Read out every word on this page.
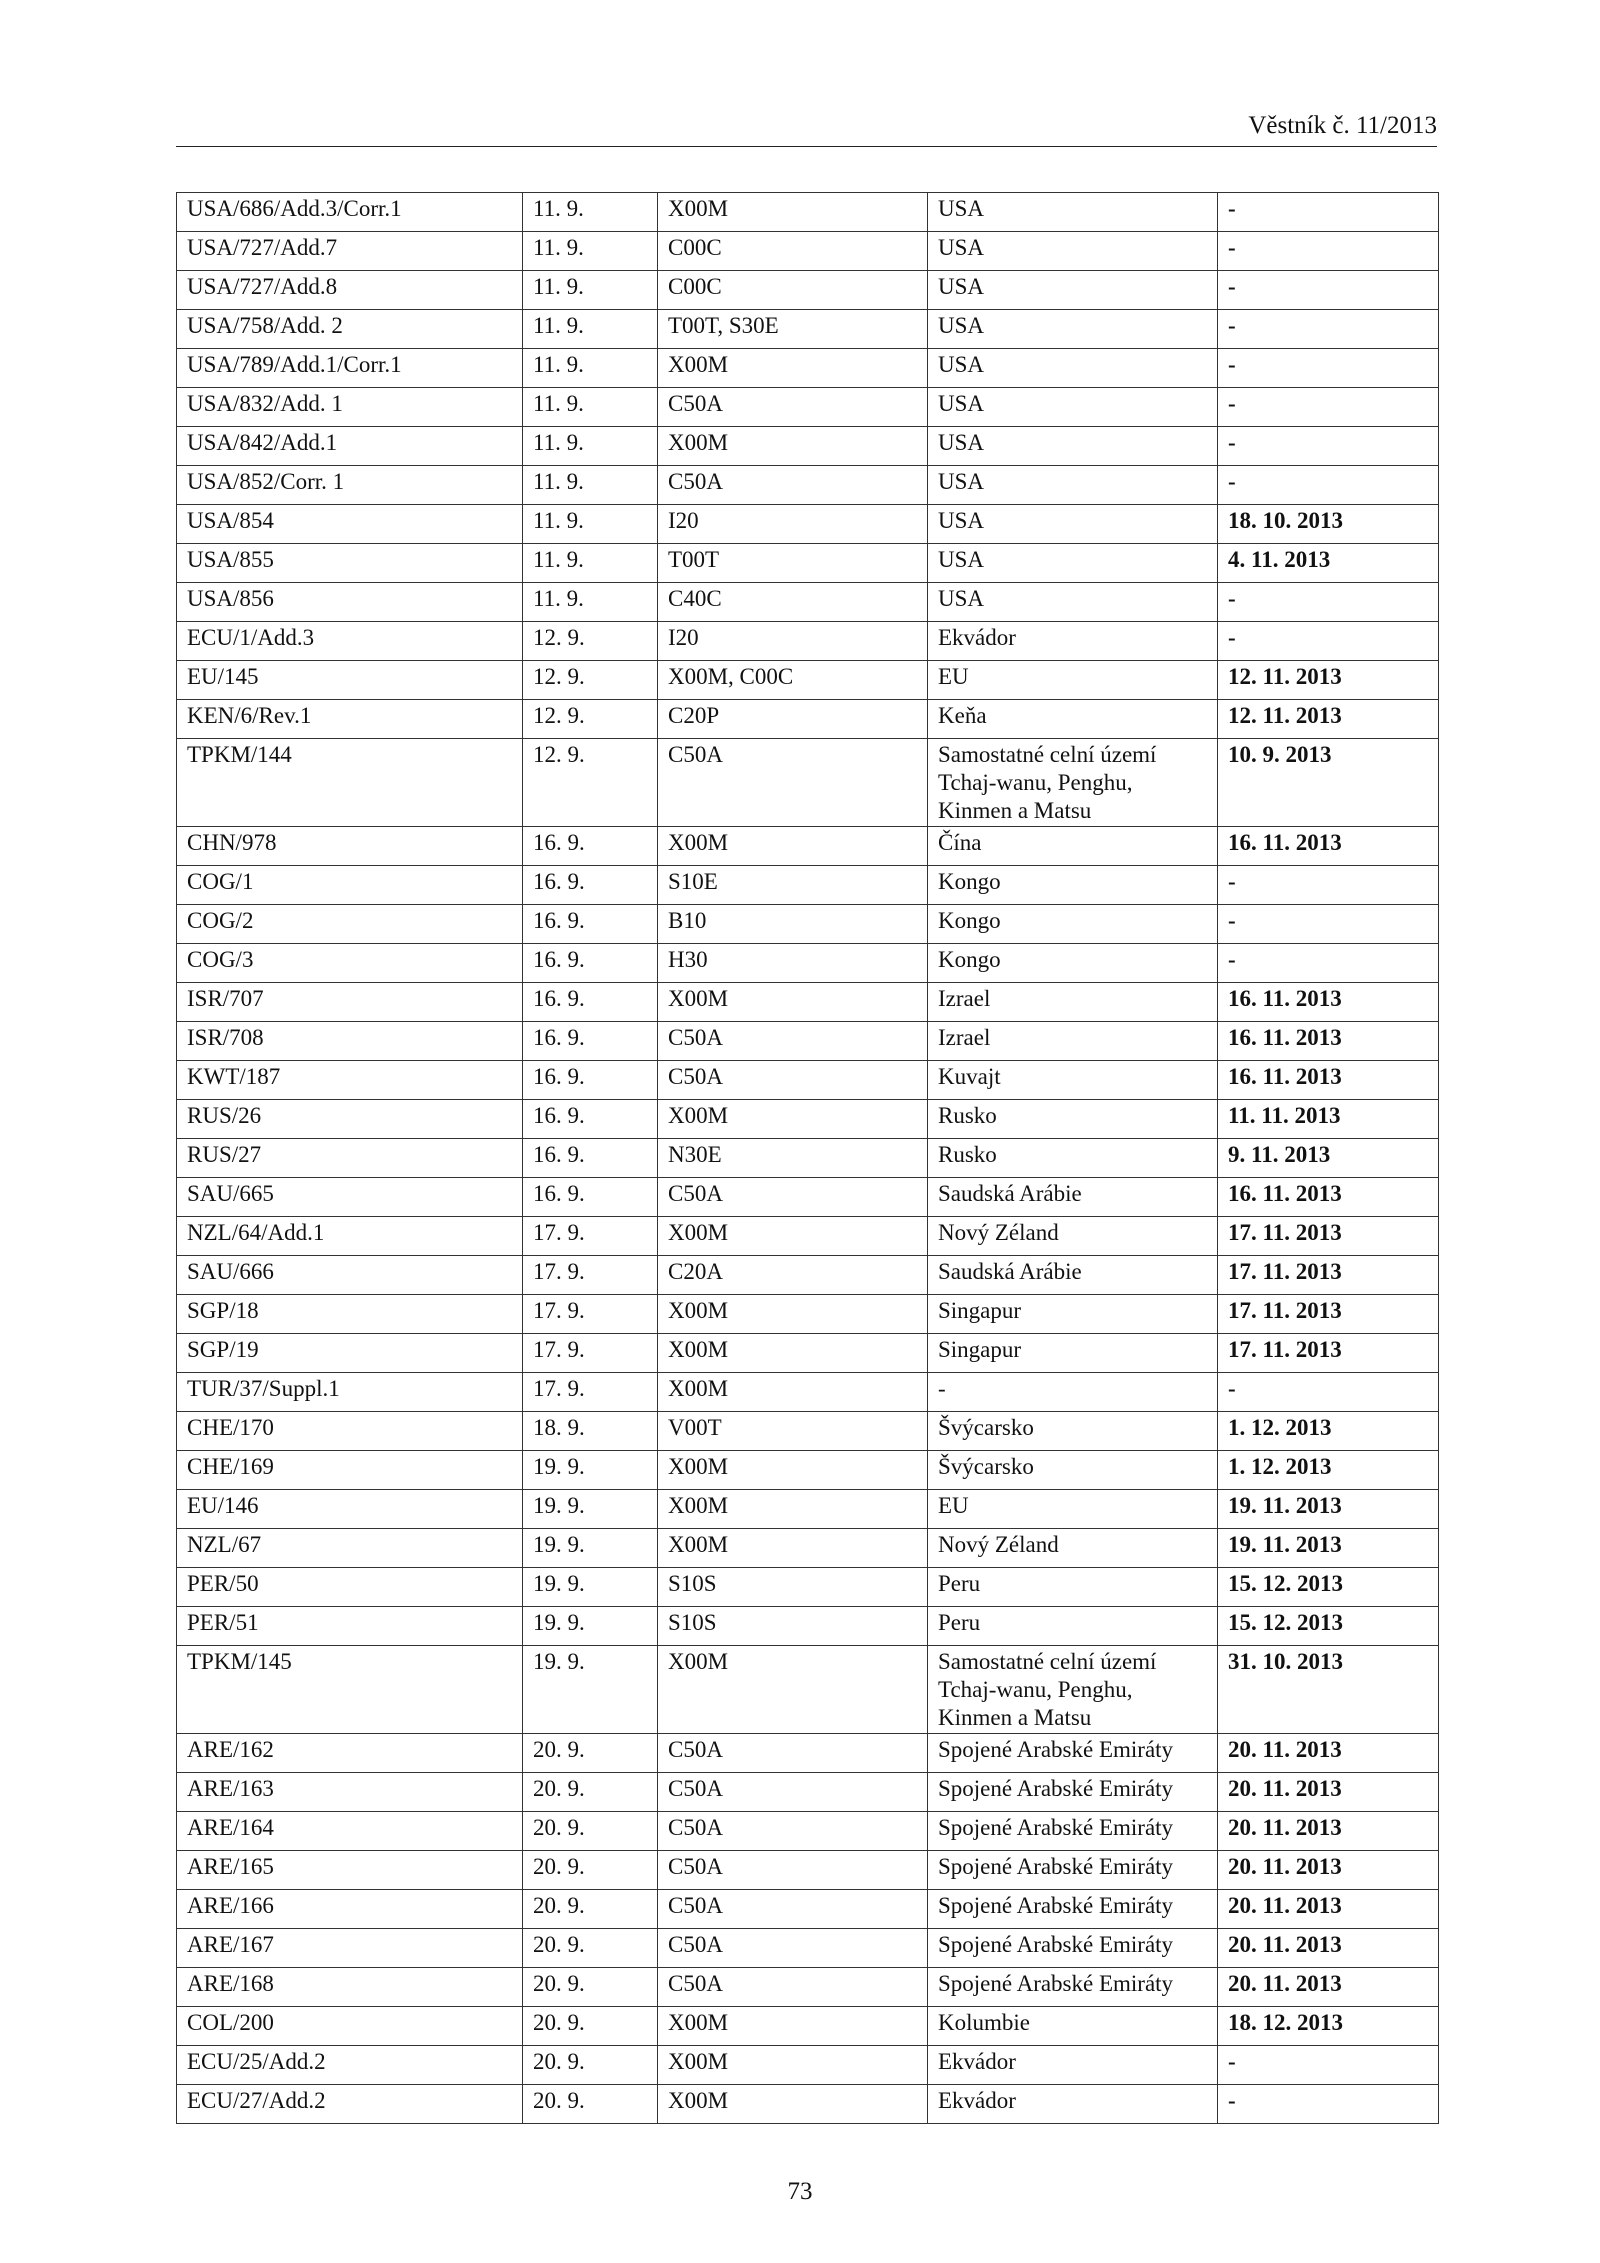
Věstník č. 11/2013
USA/686/Add.3/Corr.1	11. 9.	X00M	USA	-
USA/727/Add.7	11. 9.	C00C	USA	-
USA/727/Add.8	11. 9.	C00C	USA	-
USA/758/Add. 2	11. 9.	T00T, S30E	USA	-
USA/789/Add.1/Corr.1	11. 9.	X00M	USA	-
USA/832/Add. 1	11. 9.	C50A	USA	-
USA/842/Add.1	11. 9.	X00M	USA	-
USA/852/Corr. 1	11. 9.	C50A	USA	-
USA/854	11. 9.	I20	USA	18. 10. 2013
USA/855	11. 9.	T00T	USA	4. 11. 2013
USA/856	11. 9.	C40C	USA	-
ECU/1/Add.3	12. 9.	I20	Ekvádor	-
EU/145	12. 9.	X00M, C00C	EU	12. 11. 2013
KEN/6/Rev.1	12. 9.	C20P	Keňa	12. 11. 2013
TPKM/144	12. 9.	C50A	Samostatné celní území Tchaj-wanu, Penghu, Kinmen a Matsu	10. 9. 2013
CHN/978	16. 9.	X00M	Čína	16. 11. 2013
COG/1	16. 9.	S10E	Kongo	-
COG/2	16. 9.	B10	Kongo	-
COG/3	16. 9.	H30	Kongo	-
ISR/707	16. 9.	X00M	Izrael	16. 11. 2013
ISR/708	16. 9.	C50A	Izrael	16. 11. 2013
KWT/187	16. 9.	C50A	Kuvajt	16. 11. 2013
RUS/26	16. 9.	X00M	Rusko	11. 11. 2013
RUS/27	16. 9.	N30E	Rusko	9. 11. 2013
SAU/665	16. 9.	C50A	Saudská Arábie	16. 11. 2013
NZL/64/Add.1	17. 9.	X00M	Nový Zéland	17. 11. 2013
SAU/666	17. 9.	C20A	Saudská Arábie	17. 11. 2013
SGP/18	17. 9.	X00M	Singapur	17. 11. 2013
SGP/19	17. 9.	X00M	Singapur	17. 11. 2013
TUR/37/Suppl.1	17. 9.	X00M	-	-
CHE/170	18. 9.	V00T	Švýcarsko	1. 12. 2013
CHE/169	19. 9.	X00M	Švýcarsko	1. 12. 2013
EU/146	19. 9.	X00M	EU	19. 11. 2013
NZL/67	19. 9.	X00M	Nový Zéland	19. 11. 2013
PER/50	19. 9.	S10S	Peru	15. 12. 2013
PER/51	19. 9.	S10S	Peru	15. 12. 2013
TPKM/145	19. 9.	X00M	Samostatné celní území Tchaj-wanu, Penghu, Kinmen a Matsu	31. 10. 2013
ARE/162	20. 9.	C50A	Spojené Arabské Emiráty	20. 11. 2013
ARE/163	20. 9.	C50A	Spojené Arabské Emiráty	20. 11. 2013
ARE/164	20. 9.	C50A	Spojené Arabské Emiráty	20. 11. 2013
ARE/165	20. 9.	C50A	Spojené Arabské Emiráty	20. 11. 2013
ARE/166	20. 9.	C50A	Spojené Arabské Emiráty	20. 11. 2013
ARE/167	20. 9.	C50A	Spojené Arabské Emiráty	20. 11. 2013
ARE/168	20. 9.	C50A	Spojené Arabské Emiráty	20. 11. 2013
COL/200	20. 9.	X00M	Kolumbie	18. 12. 2013
ECU/25/Add.2	20. 9.	X00M	Ekvádor	-
ECU/27/Add.2	20. 9.	X00M	Ekvádor	-
73
